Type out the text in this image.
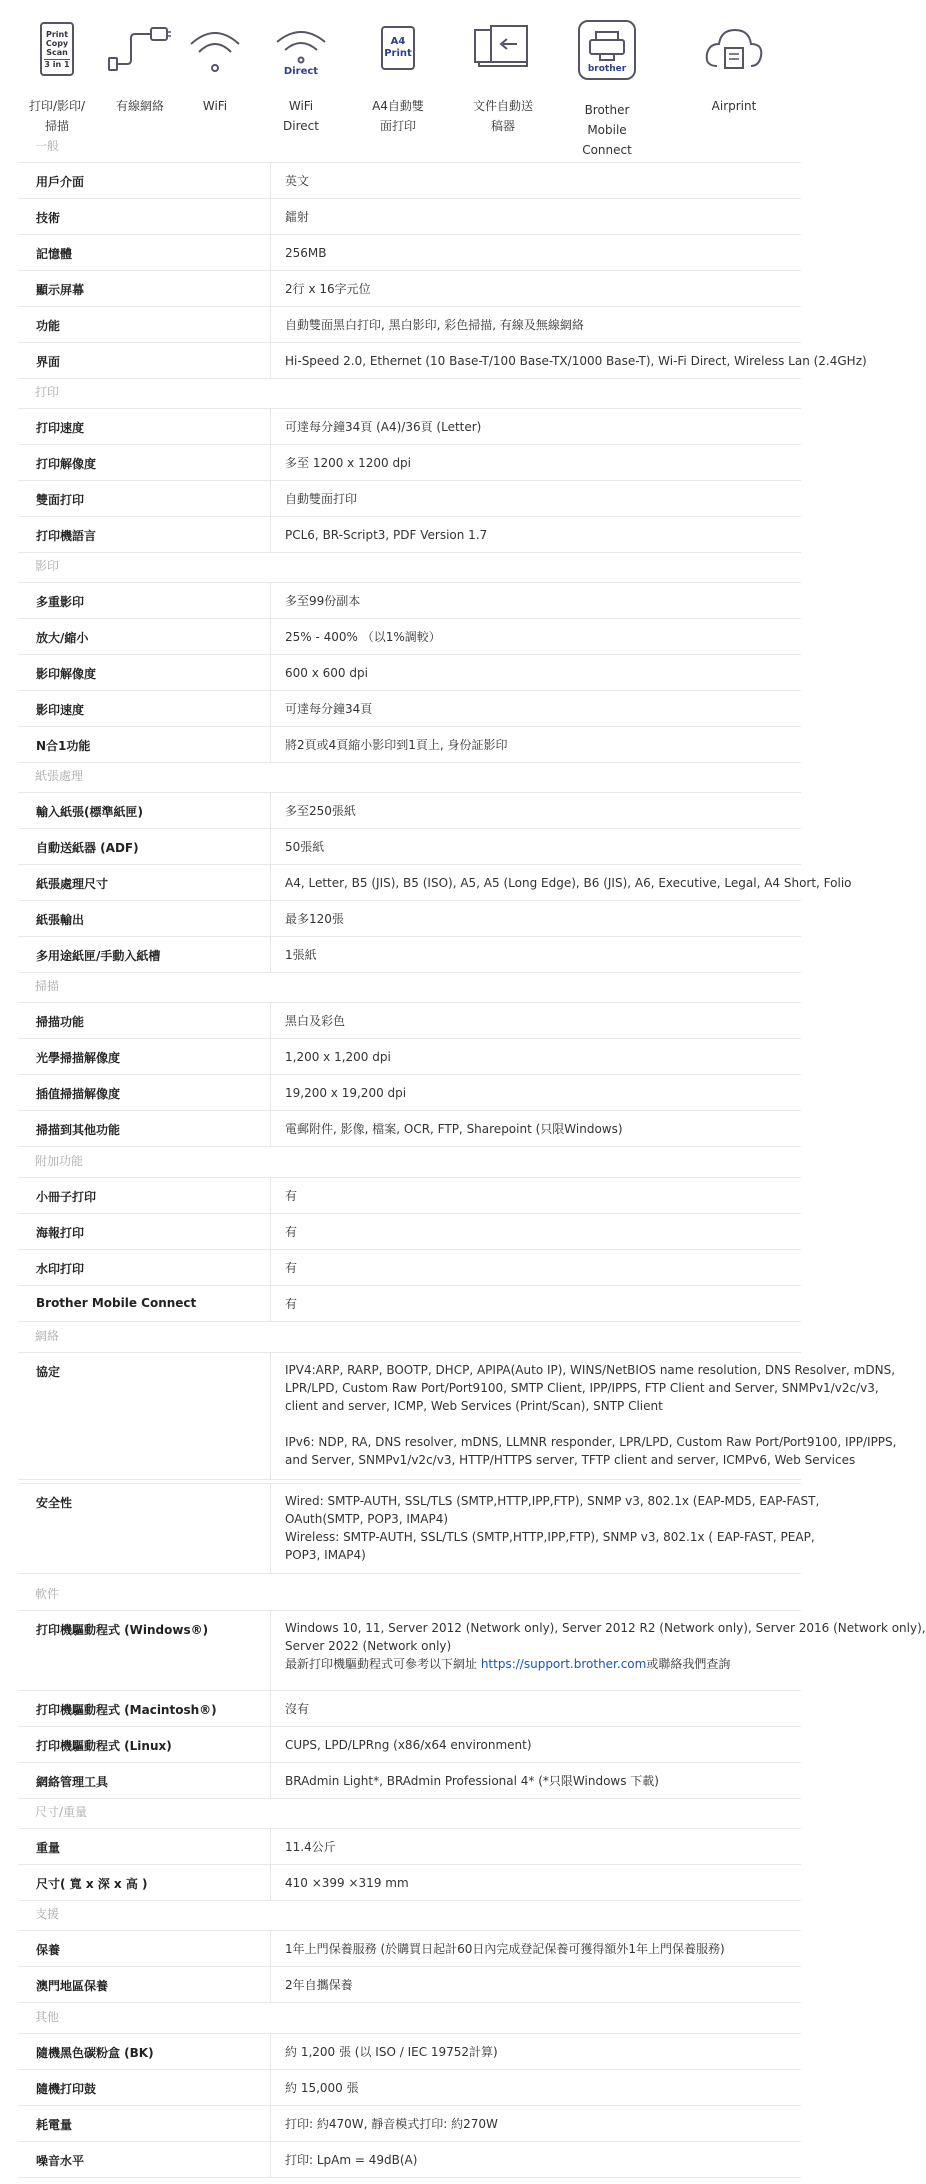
Print
Copy
Scan
3 in 1
打印/影印/掃描
有線網絡	WiFi
Direct
WiFi Direct
A4
Print
A4自動雙面打印
文件自動送稿器
brother
Brother
Mobile Connect
Airprint
一般
用戶介面	英文
技術	鐳射
記憶體	256MB
顯示屏幕	2行 x 16字元位
功能	自動雙面黑白打印, 黑白影印, 彩色掃描, 有線及無線網絡
界面	Hi-Speed 2.0, Ethernet (10 Base-T/100 Base-TX/1000 Base-T), Wi-Fi Direct, Wireless Lan (2.4GHz)
打印
打印速度	可達每分鐘34頁 (A4)/36頁 (Letter)
打印解像度	多至 1200 x 1200 dpi
雙面打印	自動雙面打印
打印機語言	PCL6, BR-Script3, PDF Version 1.7
影印
多重影印	多至99份副本
放大/縮小	25% - 400% （以1%調較）
影印解像度	600 x 600 dpi
影印速度	可達每分鐘34頁
N合1功能	將2頁或4頁縮小影印到1頁上, 身份証影印
紙張處理
輸入紙張(標準紙匣)	多至250張紙
自動送紙器 (ADF)	50張紙
紙張處理尺寸	A4, Letter, B5 (JIS), B5 (ISO), A5, A5 (Long Edge), B6 (JIS), A6, Executive, Legal, A4 Short, Folio
紙張輸出	最多120張
多用途紙匣/手動入紙槽	1張紙
掃描
掃描功能	黑白及彩色
光學掃描解像度	1,200 x 1,200 dpi
插值掃描解像度	19,200 x 19,200 dpi
掃描到其他功能	電郵附件, 影像, 檔案, OCR, FTP, Sharepoint (只限Windows)
附加功能
小冊子打印	有
海報打印	有
水印打印	有
Brother Mobile Connect	有
網絡
協定	IPV4:ARP, RARP, BOOTP, DHCP, APIPA(Auto IP), WINS/NetBIOS name resolution, DNS Resolver, mDNS,
LPR/LPD, Custom Raw Port/Port9100, SMTP Client, IPP/IPPS, FTP Client and Server, SNMPv1/v2c/v3,
client and server, ICMP, Web Services (Print/Scan), SNTP Client
IPv6: NDP, RA, DNS resolver, mDNS, LLMNR responder, LPR/LPD, Custom Raw Port/Port9100, IPP/IPPS,
and Server, SNMPv1/v2c/v3, HTTP/HTTPS server, TFTP client and server, ICMPv6, Web Services
安全性	Wired: SMTP-AUTH, SSL/TLS (SMTP,HTTP,IPP,FTP), SNMP v3, 802.1x (EAP-MD5, EAP-FAST,
OAuth(SMTP, POP3, IMAP4)
Wireless: SMTP-AUTH, SSL/TLS (SMTP,HTTP,IPP,FTP), SNMP v3, 802.1x ( EAP-FAST, PEAP,
POP3, IMAP4)
軟件
打印機驅動程式 (Windows®)	Windows 10, 11, Server 2012 (Network only), Server 2012 R2 (Network only), Server 2016 (Network only),
Server 2022 (Network only)
最新打印機驅動程式可參考以下網址 https://support.brother.com或聯絡我們查詢
打印機驅動程式 (Macintosh®)	沒有
打印機驅動程式 (Linux)	CUPS, LPD/LPRng (x86/x64 environment)
網絡管理工具	BRAdmin Light*, BRAdmin Professional 4* (*只限Windows 下載)
尺寸/重量
重量	11.4公斤
尺寸( 寬 x 深 x 高 )	410 ×399 ×319 mm
支援
保養	1年上門保養服務 (於購買日起計60日內完成登記保養可獲得額外1年上門保養服務)
澳門地區保養	2年自攜保養
其他
隨機黑色碳粉盒 (BK)	約 1,200 張 (以 ISO / IEC 19752計算)
隨機打印鼓	約 15,000 張
耗電量	打印: 約470W, 靜音模式打印: 約270W
噪音水平	打印: LpAm = 49dB(A)
